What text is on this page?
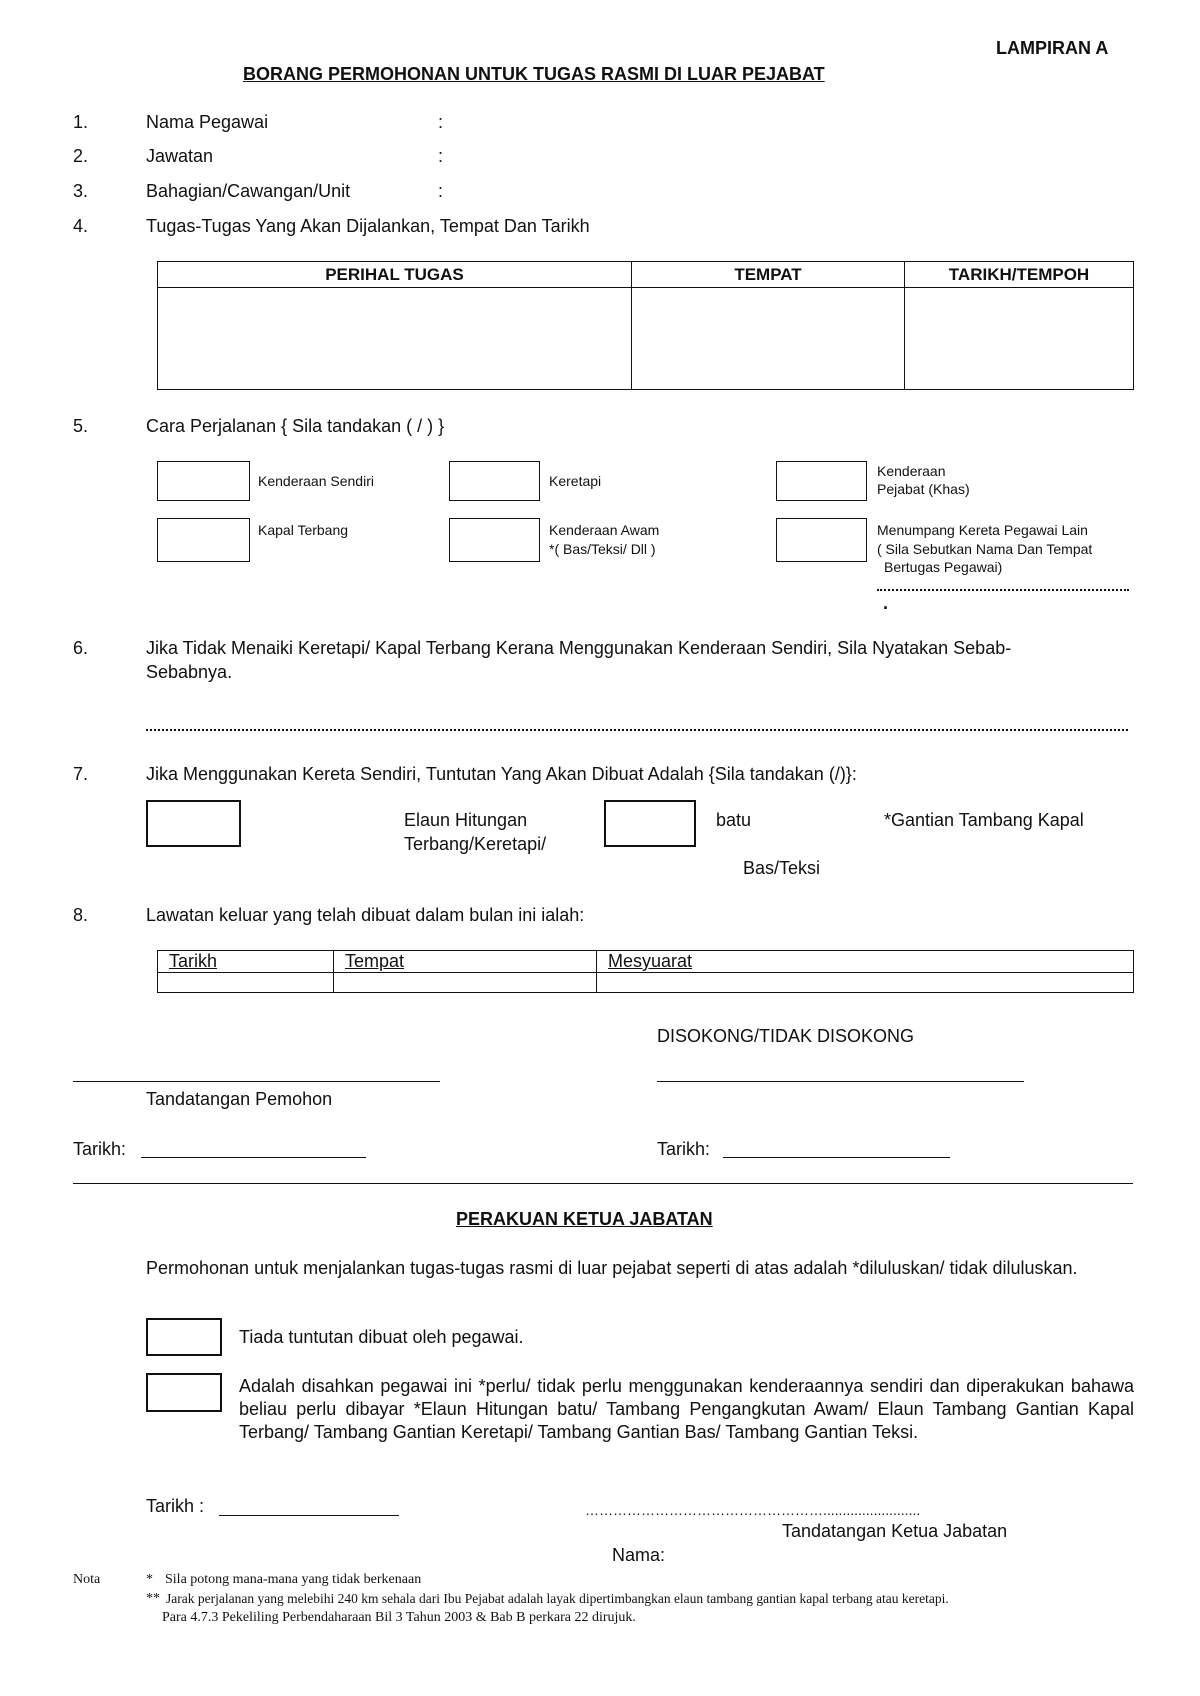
LAMPIRAN A
BORANG PERMOHONAN UNTUK TUGAS RASMI DI LUAR PEJABAT
1.	Nama Pegawai	:
2.	Jawatan	:
3.	Bahagian/Cawangan/Unit	:
4.	Tugas-Tugas Yang Akan Dijalankan, Tempat Dan Tarikh
PERIHAL TUGAS	TEMPAT	TARIKH/TEMPOH

5.	Cara Perjalanan { Sila tandakan ( / ) }
Kenderaan Sendiri	Keretapi
Kenderaan
Pejabat (Khas)
Kapal Terbang	Kenderaan Awam
*( Bas/Teksi/ Dll )
Menumpang Kereta Pegawai Lain
( Sila Sebutkan Nama Dan Tempat
Bertugas Pegawai)
.
6.	Jika Tidak Menaiki Keretapi/ Kapal Terbang Kerana Menggunakan Kenderaan Sendiri, Sila Nyatakan Sebab-
Sebabnya.
7.	Jika Menggunakan Kereta Sendiri, Tuntutan Yang Akan Dibuat Adalah {Sila tandakan (/)}:
Elaun Hitungan
Terbang/Keretapi/
batu	*Gantian Tambang Kapal
Bas/Teksi
8.	Lawatan keluar yang telah dibuat dalam bulan ini ialah:
Tarikh	Tempat	Mesyuarat

DISOKONG/TIDAK DISOKONG
Tandatangan Pemohon
Tarikh:	Tarikh:
PERAKUAN KETUA JABATAN
Permohonan untuk menjalankan tugas-tugas rasmi di luar pejabat seperti di atas adalah *diluluskan/ tidak diluluskan.
Tiada tuntutan dibuat oleh pegawai.
Adalah disahkan pegawai ini *perlu/ tidak perlu menggunakan kenderaannya sendiri dan diperakukan bahawa beliau perlu dibayar *Elaun Hitungan batu/ Tambang Pengangkutan Awam/ Elaun Tambang Gantian Kapal Terbang/ Tambang Gantian Keretapi/ Tambang Gantian Bas/ Tambang Gantian Teksi.
Tarikh :	…………………………………………….........................
Tandatangan Ketua Jabatan
Nama:
Nota	* Sila potong mana-mana yang tidak berkenaan
** Jarak perjalanan yang melebihi 240 km sehala dari Ibu Pejabat adalah layak dipertimbangkan elaun tambang gantian kapal terbang atau keretapi.
Para 4.7.3 Pekeliling Perbendaharaan Bil 3 Tahun 2003 & Bab B perkara 22 dirujuk.
